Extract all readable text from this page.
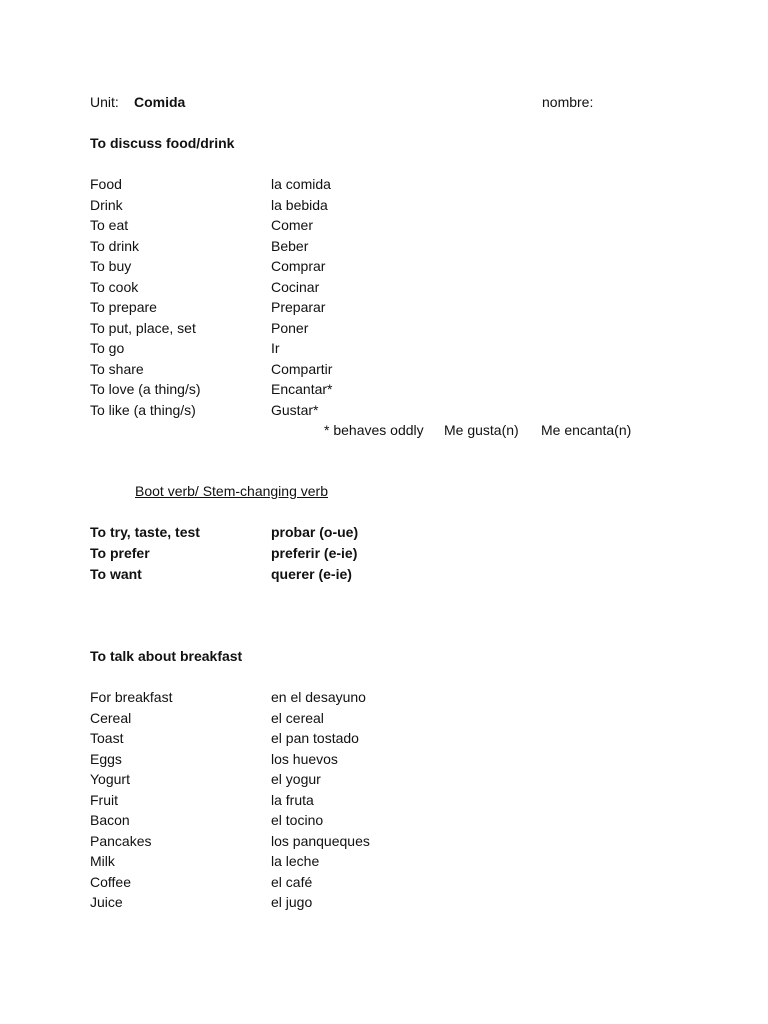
Unit: Comida	nombre:
To discuss food/drink
Food	la comida
Drink	la bebida
To eat	Comer
To drink	Beber
To buy	Comprar
To cook	Cocinar
To prepare	Preparar
To put, place, set	Poner
To go	Ir
To share	Compartir
To love (a thing/s)	Encantar*
To like (a thing/s)	Gustar*
* behaves oddly Me gusta(n) Me encanta(n)
Boot verb/ Stem-changing verb
To try, taste, test	probar (o-ue)
To prefer	preferir (e-ie)
To want	querer (e-ie)
To talk about breakfast
For breakfast	en el desayuno
Cereal	el cereal
Toast	el pan tostado
Eggs	los huevos
Yogurt	el yogur
Fruit	la fruta
Bacon	el tocino
Pancakes	los panqueques
Milk	la leche
Coffee	el café
Juice	el jugo
